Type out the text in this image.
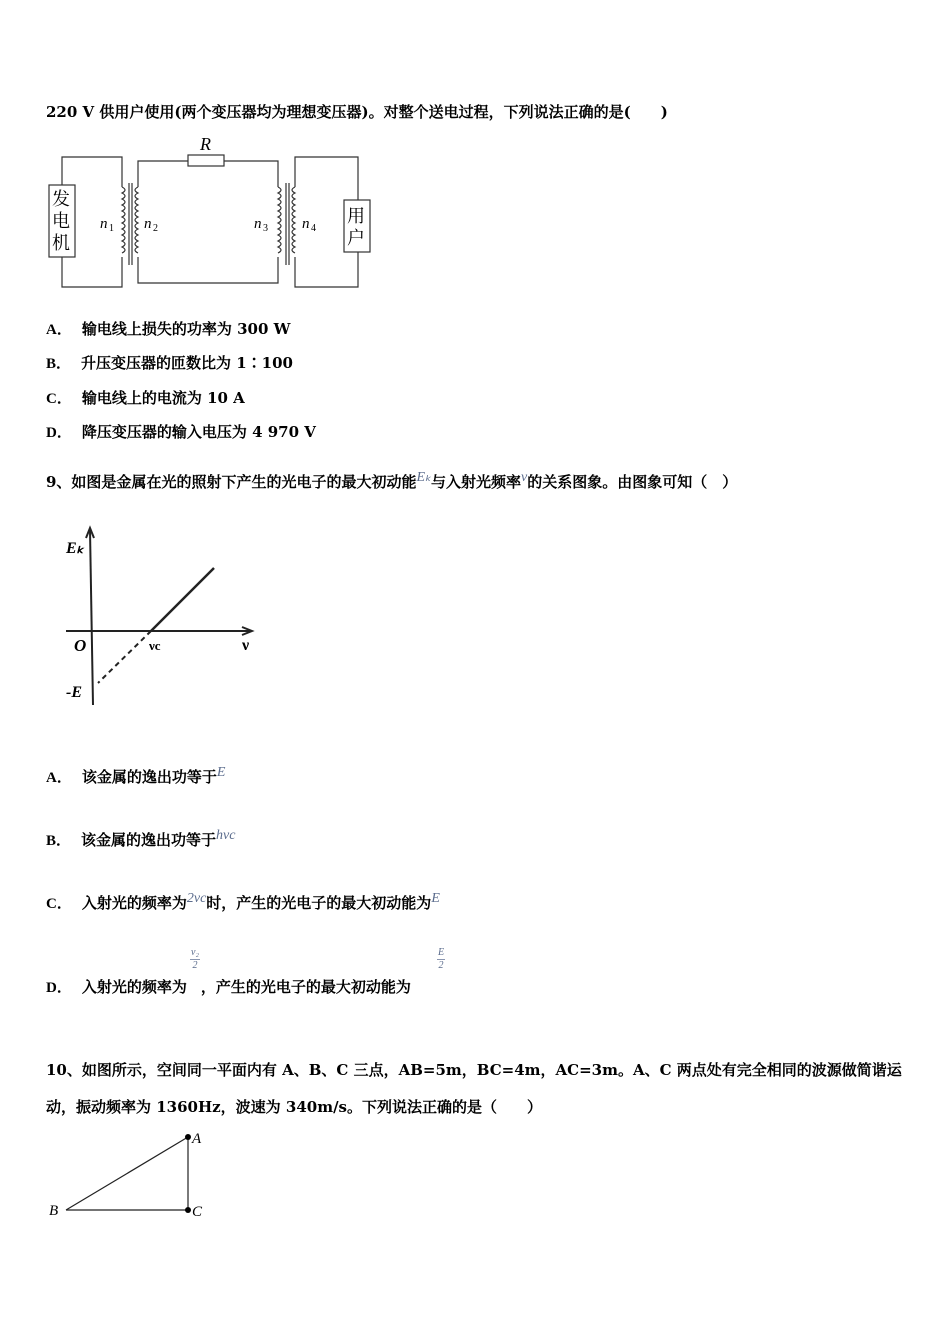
220 V 供用户使用(两个变压器均为理想变压器)。对整个送电过程，下列说法正确的是(　　)
R
发
电
机
用
户
n 1 n 2	n 3 n 4
A． 输电线上损失的功率为 300 W
B． 升压变压器的匝数比为 1∶100
C． 输电线上的电流为 10 A
D． 降压变压器的输入电压为 4 970 V
9、如图是金属在光的照射下产生的光电子的最大初动能Eₖ与入射光频率v的关系图象。由图象可知（　）
Eₖ
ν
O	νc
-E
A． 该金属的逸出功等于E
B． 该金属的逸出功等于hvc
C． 入射光的频率为2vc时，产生的光电子的最大初动能为E
D． 入射光的频率为 ，产生的光电子的最大初动能为
$\frac{\text{v₂}}{2}$	$\frac{E}{2}$
10、如图所示，空间同一平面内有 A、B、C 三点，AB=5m，BC=4m，AC=3m。A、C 两点处有完全相同的波源做简谐运
动，振动频率为 1360Hz，波速为 340m/s。下列说法正确的是（　　）
A
B	C
